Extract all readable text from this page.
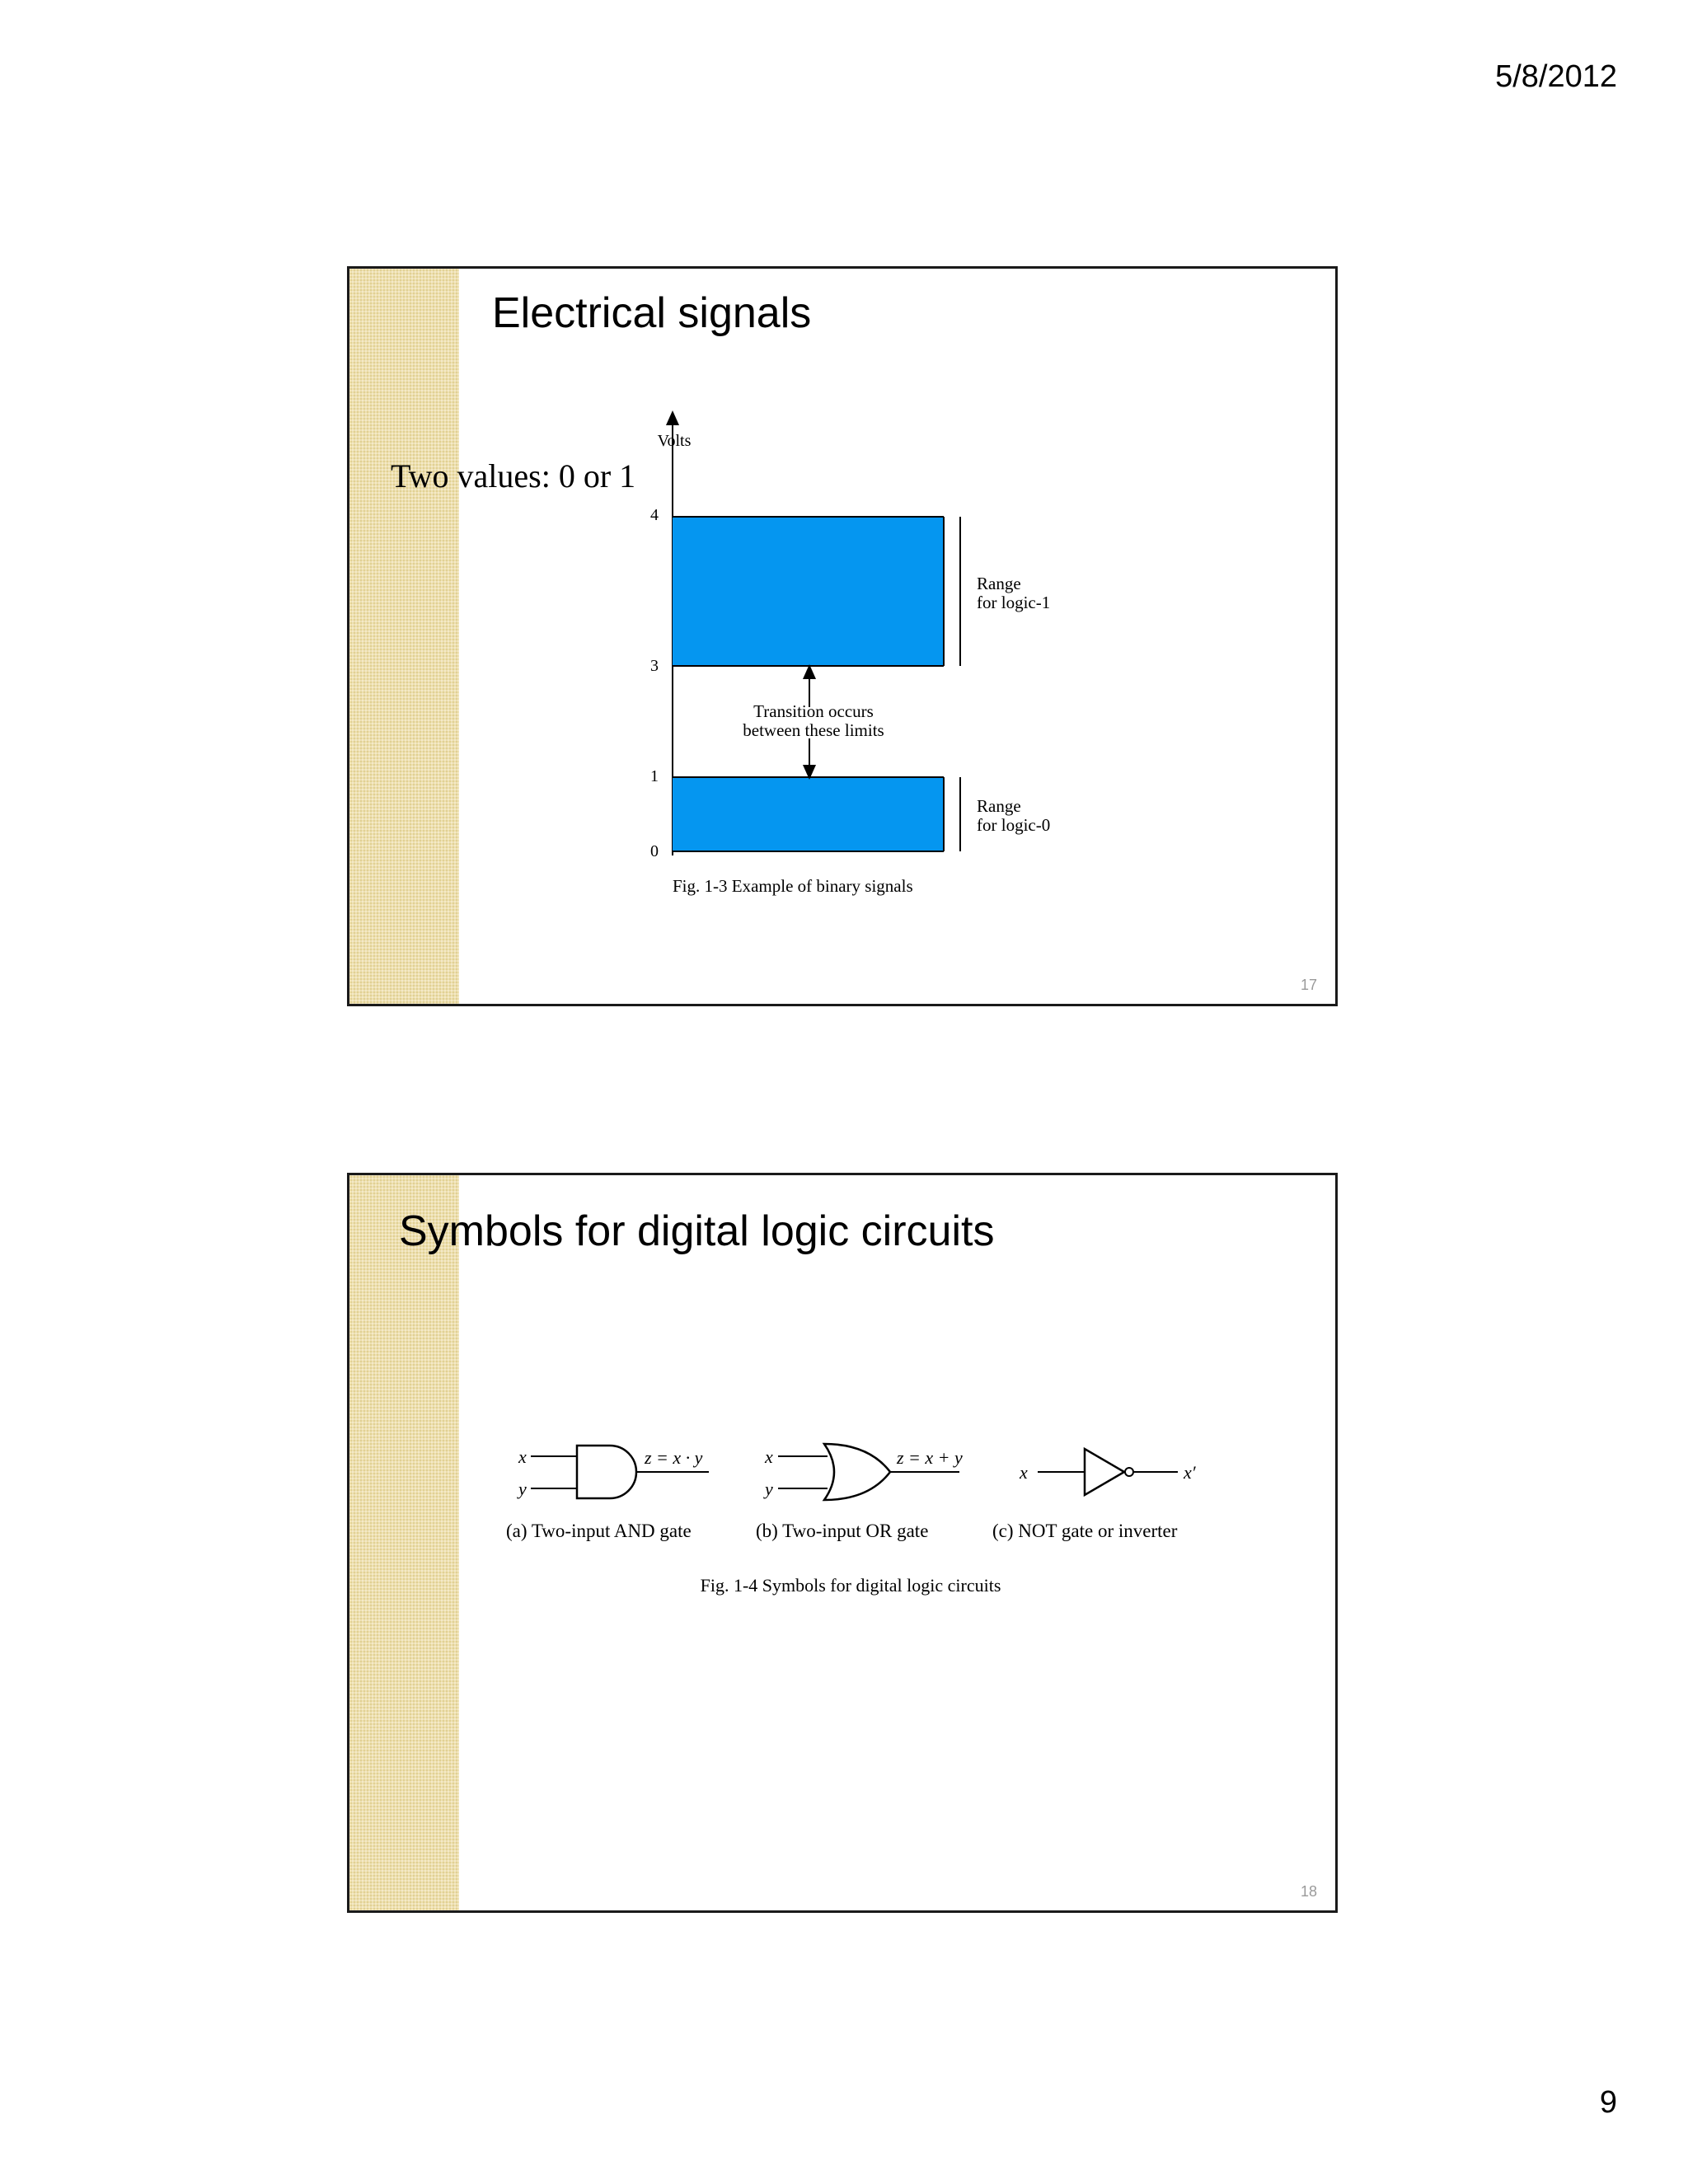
5/8/2012
Electrical signals
Volts
4
3
1
0
Range
for logic-1
Range
for logic-0
Transition occurs
between these limits
Fig. 1-3 Example of binary signals
Two values: 0 or 1
17
Symbols for digital logic circuits
x
y
z = x · y
(a) Two-input AND gate
x
y
z = x + y
(b) Two-input OR gate
x	x′
(c) NOT gate or inverter
Fig. 1-4 Symbols for digital logic circuits
18
9
